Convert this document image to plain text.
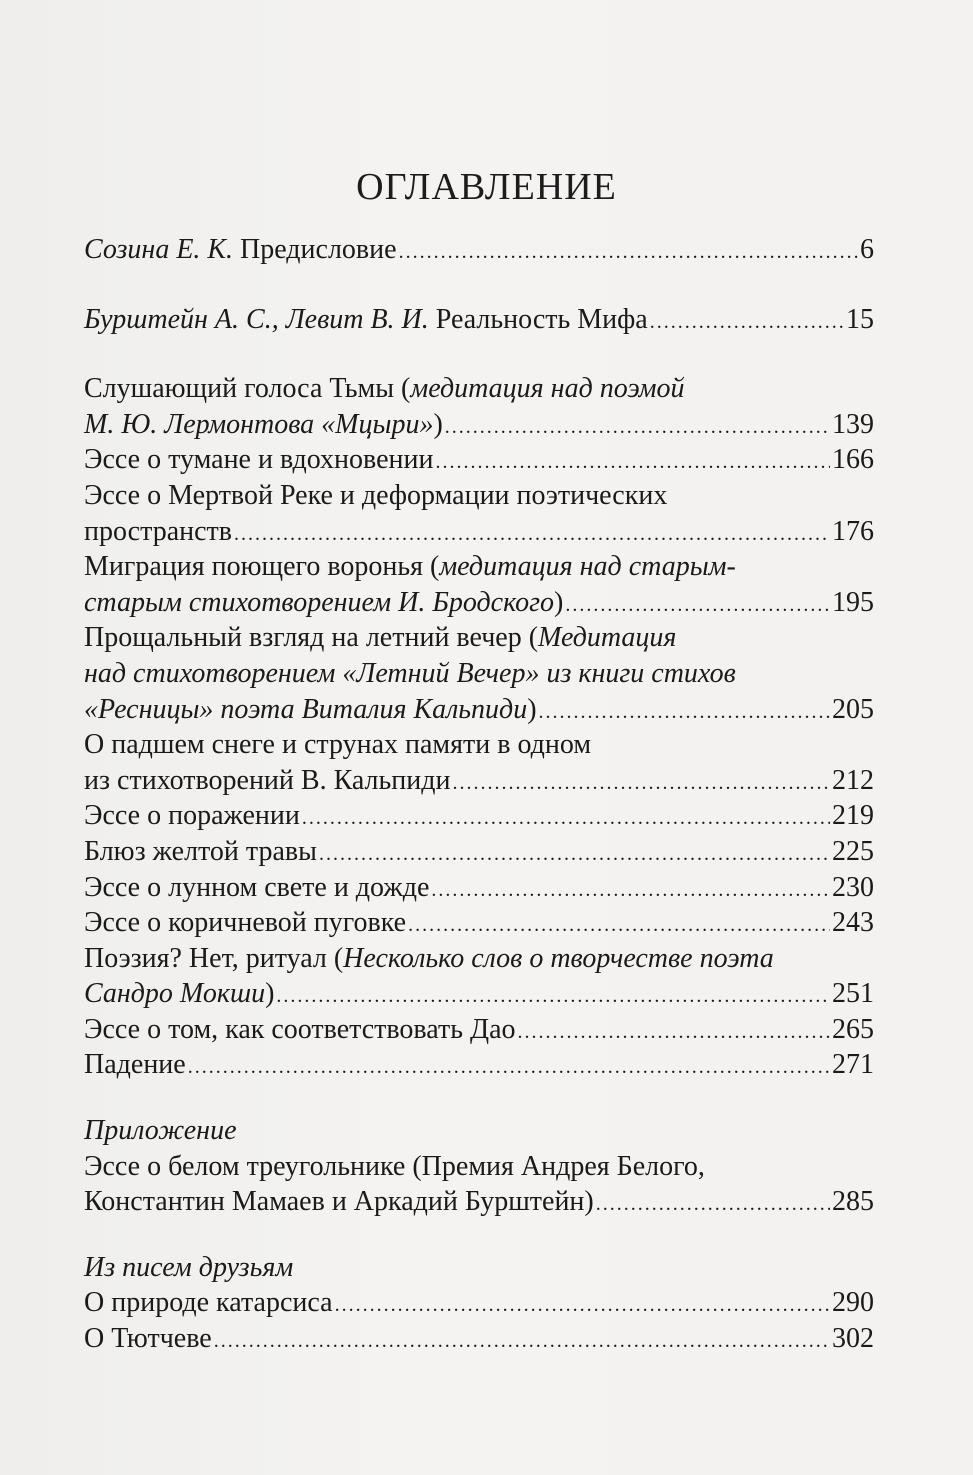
ОГЛАВЛЕНИЕ
Созина Е. К. Предисловие .....	6
Бурштейн А. С., Левит В. И. Реальность Мифа .....	15
Слушающий голоса Тьмы (медитация над поэмой
М. Ю. Лермонтова «Мцыри») .....	139
Эссе о тумане и вдохновении .....	166
Эссе о Мертвой Реке и деформации поэтических
пространств .....	176
Миграция поющего воронья (медитация над старым-
старым стихотворением И. Бродского) .....	195
Прощальный взгляд на летний вечер (Медитация
над стихотворением «Летний Вечер» из книги стихов
«Ресницы» поэта Виталия Кальпиди) .....	205
О падшем снеге и струнах памяти в одном
из стихотворений В. Кальпиди .....	212
Эссе о поражении .....	219
Блюз желтой травы .....	225
Эссе о лунном свете и дожде .....	230
Эссе о коричневой пуговке .....	243
Поэзия? Нет, ритуал (Несколько слов о творчестве поэта
Сандро Мокши) .....	251
Эссе о том, как соответствовать Дао .....	265
Падение .....	271
Приложение
Эссе о белом треугольнике (Премия Андрея Белого,
Константин Мамаев и Аркадий Бурштейн) .....	285
Из писем друзьям
О природе катарсиса .....	290
О Тютчеве .....	302
